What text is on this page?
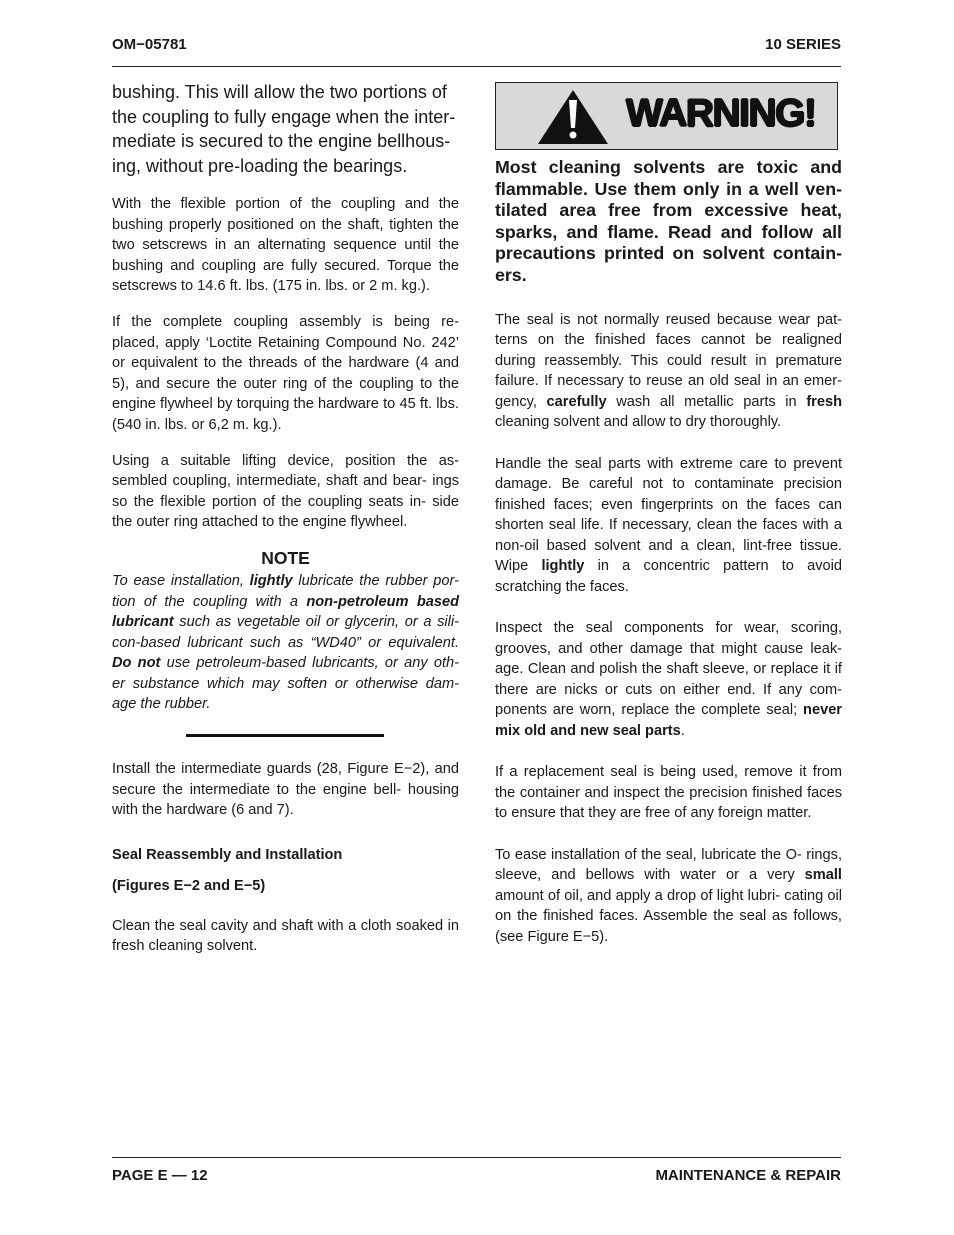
OM−05781	10 SERIES

bushing. This will allow the two portions of the coupling to fully engage when the inter- mediate is secured to the engine bellhous- ing, without pre-loading the bearings.

With the flexible portion of the coupling and the bushing properly positioned on the shaft, tighten the two setscrews in an alternating sequence until the bushing and coupling are fully secured. Torque the setscrews to 14.6 ft. lbs. (175 in. lbs. or 2 m. kg.).

If the complete coupling assembly is being re- placed, apply ‘Loctite Retaining Compound No. 242’ or equivalent to the threads of the hardware (4 and 5), and secure the outer ring of the coupling to the engine flywheel by torquing the hardware to 45 ft. lbs. (540 in. lbs. or 6,2 m. kg.).

Using a suitable lifting device, position the as- sembled coupling, intermediate, shaft and bear- ings so the flexible portion of the coupling seats in- side the outer ring attached to the engine flywheel.

NOTE

To ease installation, lightly lubricate the rubber por- tion of the coupling with a non-petroleum based lubricant such as vegetable oil or glycerin, or a sili- con-based lubricant such as “WD40” or equivalent. Do not use petroleum-based lubricants, or any oth- er substance which may soften or otherwise dam- age the rubber.

Install the intermediate guards (28, Figure E−2), and secure the intermediate to the engine bell- housing with the hardware (6 and 7).

Seal Reassembly and Installation

(Figures E−2 and E−5)

Clean the seal cavity and shaft with a cloth soaked in fresh cleaning solvent.

WARNING!

Most cleaning solvents are toxic and flammable. Use them only in a well ven- tilated area free from excessive heat, sparks, and flame. Read and follow all precautions printed on solvent contain- ers.

The seal is not normally reused because wear pat- terns on the finished faces cannot be realigned during reassembly. This could result in premature failure. If necessary to reuse an old seal in an emer- gency, carefully wash all metallic parts in fresh cleaning solvent and allow to dry thoroughly.

Handle the seal parts with extreme care to prevent damage. Be careful not to contaminate precision finished faces; even fingerprints on the faces can shorten seal life. If necessary, clean the faces with a non-oil based solvent and a clean, lint-free tissue. Wipe lightly in a concentric pattern to avoid scratching the faces.

Inspect the seal components for wear, scoring, grooves, and other damage that might cause leak- age. Clean and polish the shaft sleeve, or replace it if there are nicks or cuts on either end. If any com- ponents are worn, replace the complete seal; never mix old and new seal parts.

If a replacement seal is being used, remove it from the container and inspect the precision finished faces to ensure that they are free of any foreign matter.

To ease installation of the seal, lubricate the O- rings, sleeve, and bellows with water or a very small amount of oil, and apply a drop of light lubri- cating oil on the finished faces. Assemble the seal as follows, (see Figure E−5).

PAGE E — 12	MAINTENANCE & REPAIR
